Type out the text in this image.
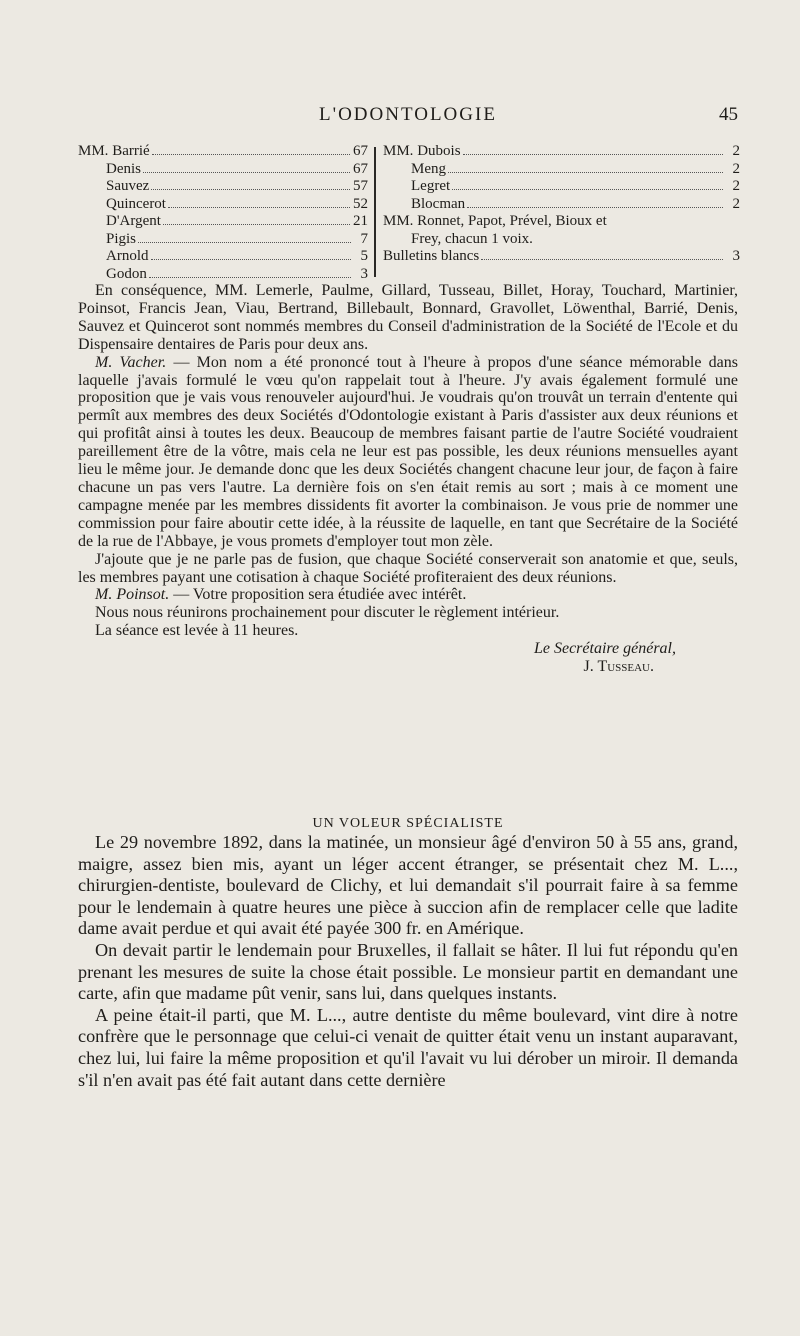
L'ODONTOLOGIE	45
MM. Barrié	67
Denis	67
Sauvez	57
Quincerot	52
D'Argent	21
Pigis	7
Arnold	5
Godon	3
MM. Dubois	2
Meng	2
Legret	2
Blocman	2
MM. Ronnet, Papot, Prével, Bioux et
Frey, chacun 1 voix.
Bulletins blancs	3

En conséquence, MM. Lemerle, Paulme, Gillard, Tusseau, Billet, Horay, Touchard, Martinier, Poinsot, Francis Jean, Viau, Bertrand, Billebault, Bonnard, Gravollet, Löwenthal, Barrié, Denis, Sauvez et Quincerot sont nommés membres du Conseil d'administration de la Société de l'Ecole et du Dispensaire dentaires de Paris pour deux ans.

M. Vacher. — Mon nom a été prononcé tout à l'heure à propos d'une séance mémorable dans laquelle j'avais formulé le vœu qu'on rappelait tout à l'heure. J'y avais également formulé une proposition que je vais vous renouveler aujourd'hui. Je voudrais qu'on trouvât un terrain d'entente qui permît aux membres des deux Sociétés d'Odontologie existant à Paris d'assister aux deux réunions et qui profitât ainsi à toutes les deux. Beaucoup de membres faisant partie de l'autre Société voudraient pareillement être de la vôtre, mais cela ne leur est pas possible, les deux réunions mensuelles ayant lieu le même jour. Je demande donc que les deux Sociétés changent chacune leur jour, de façon à faire chacune un pas vers l'autre. La dernière fois on s'en était remis au sort ; mais à ce moment une campagne menée par les membres dissidents fit avorter la combinaison. Je vous prie de nommer une commission pour faire aboutir cette idée, à la réussite de laquelle, en tant que Secrétaire de la Société de la rue de l'Abbaye, je vous promets d'employer tout mon zèle.

J'ajoute que je ne parle pas de fusion, que chaque Société conserverait son anatomie et que, seuls, les membres payant une cotisation à chaque Société profiteraient des deux réunions.

M. Poinsot. — Votre proposition sera étudiée avec intérêt.

Nous nous réunirons prochainement pour discuter le règlement intérieur.

La séance est levée à 11 heures.

Le Secrétaire général,
J. Tusseau.
UN VOLEUR SPÉCIALISTE

Le 29 novembre 1892, dans la matinée, un monsieur âgé d'environ 50 à 55 ans, grand, maigre, assez bien mis, ayant un léger accent étranger, se présentait chez M. L..., chirurgien-dentiste, boulevard de Clichy, et lui demandait s'il pourrait faire à sa femme pour le lendemain à quatre heures une pièce à succion afin de remplacer celle que ladite dame avait perdue et qui avait été payée 300 fr. en Amérique.

On devait partir le lendemain pour Bruxelles, il fallait se hâter. Il lui fut répondu qu'en prenant les mesures de suite la chose était possible. Le monsieur partit en demandant une carte, afin que madame pût venir, sans lui, dans quelques instants.

A peine était-il parti, que M. L..., autre dentiste du même boulevard, vint dire à notre confrère que le personnage que celui-ci venait de quitter était venu un instant auparavant, chez lui, lui faire la même proposition et qu'il l'avait vu lui dérober un miroir. Il demanda s'il n'en avait pas été fait autant dans cette dernière
